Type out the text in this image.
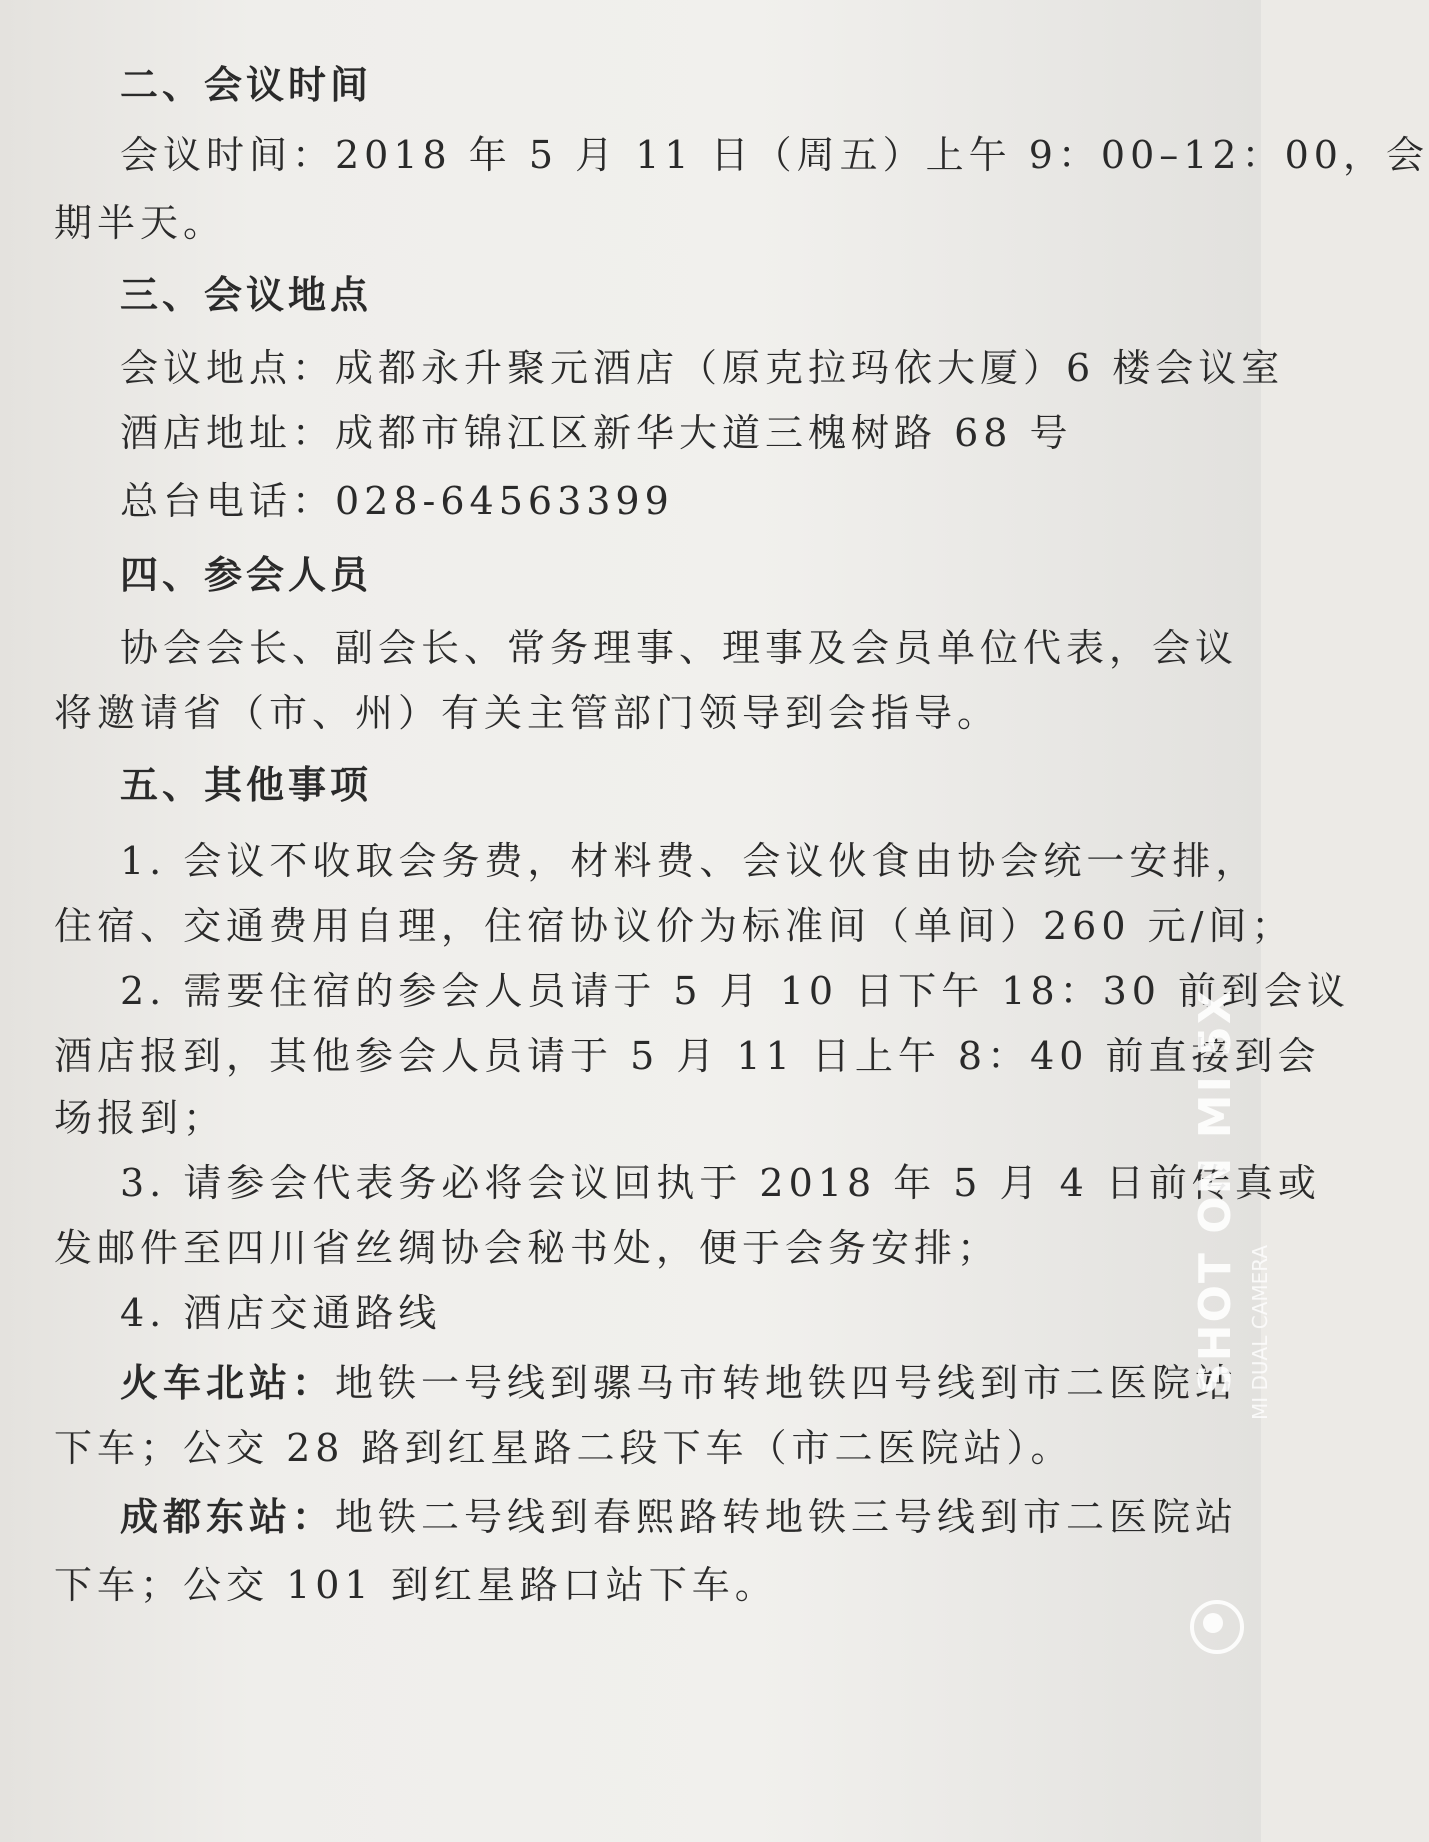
二、会议时间
会议时间：2018 年 5 月 11 日（周五）上午 9：00–12：00，会
期半天。
三、会议地点
会议地点：成都永升聚元酒店（原克拉玛依大厦）6 楼会议室
酒店地址：成都市锦江区新华大道三槐树路 68 号
总台电话：028-64563399
四、参会人员
协会会长、副会长、常务理事、理事及会员单位代表，会议
将邀请省（市、州）有关主管部门领导到会指导。
五、其他事项
1. 会议不收取会务费，材料费、会议伙食由协会统一安排，
住宿、交通费用自理，住宿协议价为标准间（单间）260 元/间；
2. 需要住宿的参会人员请于 5 月 10 日下午 18：30 前到会议
酒店报到，其他参会人员请于 5 月 11 日上午 8：40 前直接到会
场报到；
3. 请参会代表务必将会议回执于 2018 年 5 月 4 日前传真或
发邮件至四川省丝绸协会秘书处，便于会务安排；
4. 酒店交通路线
火车北站：地铁一号线到骡马市转地铁四号线到市二医院站
下车；公交 28 路到红星路二段下车（市二医院站）。
成都东站：地铁二号线到春熙路转地铁三号线到市二医院站
下车；公交 101 到红星路口站下车。
SHOT ON MI 5X MI DUAL CAMERA
